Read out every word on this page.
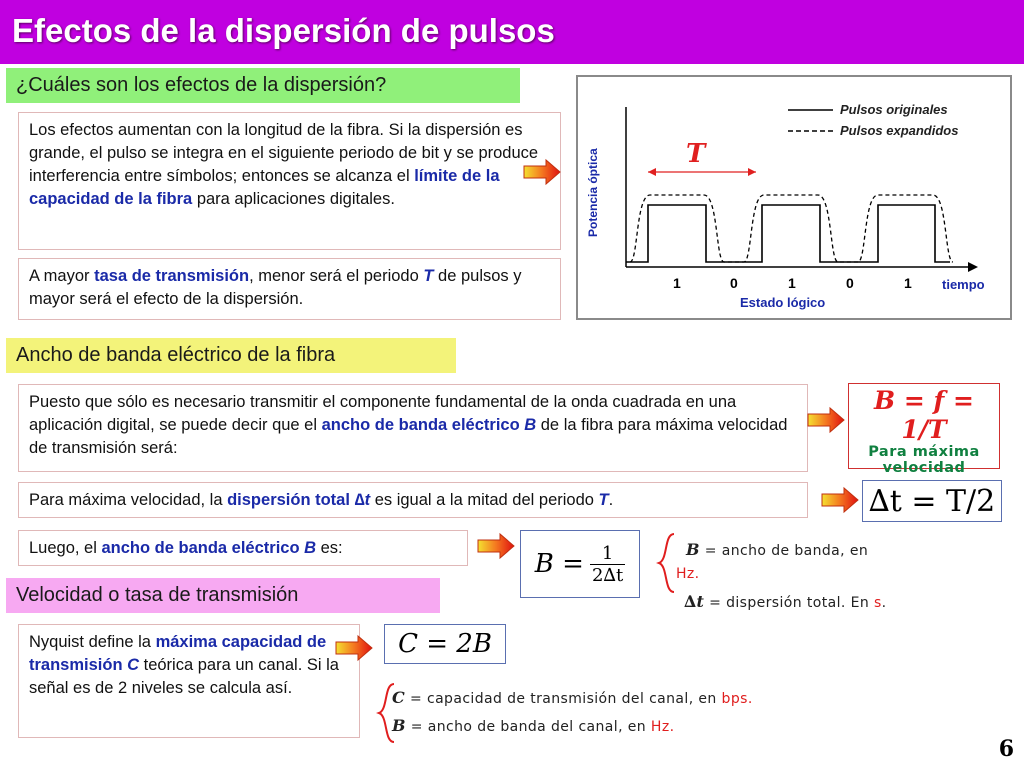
Efectos de la dispersión de pulsos
¿Cuáles son los efectos de la dispersión?
Los efectos aumentan con la longitud de la fibra. Si la dispersión es grande, el pulso se integra en el siguiente periodo de bit y se produce interferencia entre símbolos; entonces se alcanza el límite de la capacidad de la fibra para aplicaciones digitales.
A mayor tasa de transmisión, menor será el periodo T de pulsos y mayor será el efecto de la dispersión.
Potencia óptica
Pulsos originales
Pulsos expandidos
T
1	0	1	0	1
Estado lógico
tiempo
Ancho de banda eléctrico de la fibra
Puesto que sólo es necesario transmitir el componente fundamental de la onda cuadrada en una aplicación digital, se puede decir que el ancho de banda eléctrico B de la fibra para máxima velocidad de transmisión será:
B = f = 1/T
Para máxima
velocidad
Para máxima velocidad, la dispersión total ∆t es igual a la mitad del periodo T.	∆t = T/2
Luego, el ancho de banda eléctrico B es:
$B = \frac{1}{2\Delta t}$	B = ancho de banda, en
Hz.
∆t = dispersión total. En s.
Velocidad o tasa de transmisión
Nyquist define la máxima capacidad de transmisión C teórica para un canal. Si la señal es de 2 niveles se calcula así.
C = 2B
C = capacidad de transmisión del canal, en bps.
B = ancho de banda del canal, en Hz.
6
